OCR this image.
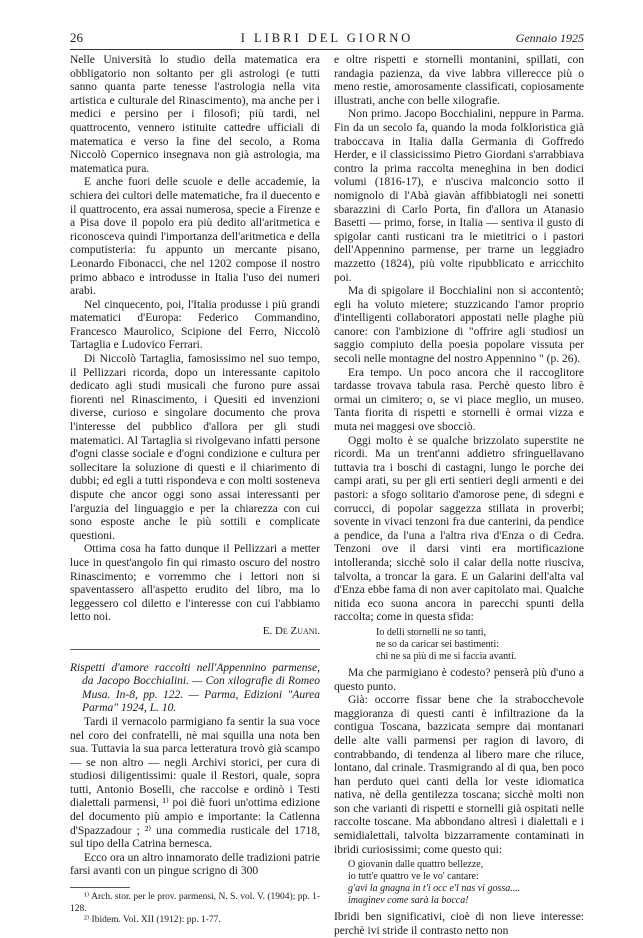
26	I LIBRI DEL GIORNO	Gennaio 1925

Nelle Università lo studio della matematica era obbligatorio non soltanto per gli astrologi (e tutti sanno quanta parte tenesse l'astrologia nella vita artistica e culturale del Rinascimento), ma anche per i medici e persino per i filosofi; più tardi, nel quattrocento, vennero istituite cattedre ufficiali di matematica e verso la fine del secolo, a Roma Niccolò Copernico insegnava non già astrologia, ma matematica pura.

E anche fuori delle scuole e delle accademie, la schiera dei cultori delle matematiche, fra il duecento e il quattrocento, era assai numerosa, specie a Firenze e a Pisa dove il popolo era più dedito all'aritmetica e riconosceva quindi l'importanza dell'aritmetica e della computisteria: fu appunto un mercante pisano, Leonardo Fibonacci, che nel 1202 compose il nostro primo abbaco e introdusse in Italia l'uso dei numeri arabi.

Nel cinquecento, poi, l'Italia produsse i più grandi matematici d'Europa: Federico Commandino, Francesco Maurolico, Scipione del Ferro, Niccolò Tartaglia e Ludovico Ferrari.

Di Niccolò Tartaglia, famosissimo nel suo tempo, il Pellizzari ricorda, dopo un interessante capitolo dedicato agli studi musicali che furono pure assai fiorenti nel Rinascimento, i Quesiti ed invenzioni diverse, curioso e singolare documento che prova l'interesse del pubblico d'allora per gli studi matematici. Al Tartaglia si rivolgevano infatti persone d'ogni classe sociale e d'ogni condizione e cultura per sollecitare la soluzione di questi e il chiarimento di dubbi; ed egli a tutti rispondeva e con molti sosteneva dispute che ancor oggi sono assai interessanti per l'arguzia del linguaggio e per la chiarezza con cui sono esposte anche le più sottili e complicate questioni.

Ottima cosa ha fatto dunque il Pellizzari a metter luce in quest'angolo fin qui rimasto oscuro del nostro Rinascimento; e vorremmo che i lettori non si spaventassero all'aspetto erudito del libro, ma lo leggessero col diletto e l'interesse con cui l'abbiamo letto noi.

E. De Zuani.

Rispetti d'amore raccolti nell'Appennino parmense, da Jacopo Bocchialini. — Con xilografie di Romeo Musa. In-8, pp. 122. — Parma, Edizioni "Aurea Parma" 1924, L. 10.

Tardi il vernacolo parmigiano fa sentir la sua voce nel coro dei confratelli, nè mai squilla una nota ben sua. Tuttavia la sua parca letteratura trovò già scampo — se non altro — negli Archivi storici, per cura di studiosi diligentissimi: quale il Restori, quale, sopra tutti, Antonio Boselli, che raccolse e ordinò i Testi dialettali parmensi, ¹⁾ poi diè fuori un'ottima edizione del documento più ampio e importante: la Catlenna d'Spazzadour ; ²⁾ una commedia rusticale del 1718, sul tipo della Catrina bernesca.

Ecco ora un altro innamorato delle tradizioni patrie farsi avanti con un pingue scrigno di 300

¹⁾ Arch. stor. per le prov. parmensi, N. S. vol. V. (1904); pp. 1-128.

²⁾ Ibidem. Vol. XII (1912): pp. 1-77.

e oltre rispetti e stornelli montanini, spillati, con randagia pazienza, da vive labbra villerecce più o meno restie, amorosamente classificati, copiosamente illustrati, anche con belle xilografie.

Non primo. Jacopo Bocchialini, neppure in Parma. Fin da un secolo fa, quando la moda folkloristica già traboccava in Italia dalla Germania di Goffredo Herder, e il classicissimo Pietro Giordani s'arrabbiava contro la prima raccolta meneghina in ben dodici volumi (1816-17), e n'usciva malconcio sotto il nomignolo di l'Abà giavàn affibbiatogli nei sonetti sbarazzini di Carlo Porta, fin d'allora un Atanasio Basetti — primo, forse, in Italia — sentiva il gusto di spigolar canti rusticani tra le mietitrici o i pastori dell'Appennino parmense, per trarne un leggiadro mazzetto (1824), più volte ripubblicato e arricchito poi.

Ma di spigolare il Bocchialini non si accontentò; egli ha voluto mietere; stuzzicando l'amor proprio d'intelligenti collaboratori appostati nelle plaghe più canore: con l'ambizione di "offrire agli studiosi un saggio compiuto della poesia popolare vissuta per secoli nelle montagne del nostro Appennino " (p. 26).

Era tempo. Un poco ancora che il raccoglitore tardasse trovava tabula rasa. Perchè questo libro è ormai un cimitero; o, se vi piace meglio, un museo. Tanta fiorita di rispetti e stornelli è ormai vizza e muta nei maggesi ove sbocciò.

Oggi molto è se qualche brizzolato superstite ne ricordi. Ma un trent'anni addietro sfringuellavano tuttavia tra i boschi di castagni, lungo le porche dei campi arati, su per gli erti sentieri degli armenti e dei pastori: a sfogo solitario d'amorose pene, di sdegni e corrucci, di popolar saggezza stillata in proverbi; sovente in vivaci tenzoni fra due canterini, da pendice a pendice, da l'una a l'altra riva d'Enza o di Cedra. Tenzoni ove il darsi vinti era mortificazione intolleranda; sicchè solo il calar della notte riusciva, talvolta, a troncar la gara. E un Galarini dell'alta val d'Enza ebbe fama di non aver capitolato mai. Qualche nitida eco suona ancora in parecchi spunti della raccolta; come in questa sfida:

Io delli stornelli ne so tanti,
ne so da caricar sei bastimenti:
chi ne sa più di me si faccia avanti.

Ma che parmigiano è codesto? penserà più d'uno a questo punto.

Già: occorre fissar bene che la strabocchevole maggioranza di questi canti è infiltrazione da la contigua Toscana, bazzicata sempre dai montanari delle alte valli parmensi per ragion di lavoro, di contrabbando, di tendenza al libero mare che riluce, lontano, dal crinale. Trasmigrando al di qua, ben poco han perduto quei canti della lor veste idiomatica nativa, nè della gentilezza toscana; sicchè molti non son che varianti di rispetti e stornelli già ospitati nelle raccolte toscane. Ma abbondano altresì i dialettali e i semidialettali, talvolta bizzarramente contaminati in ibridi curiosissimi; come questo qui:

O giovanin dalle quattro bellezze,
io tutt'e quattro ve le vo' cantare:
g'avì la gnagna in t'i occ e'l nas vi gossa....
imaginev come sarà la bocca!

Ibridi ben significativi, cioè di non lieve interesse: perchè ivi stride il contrasto netto non
